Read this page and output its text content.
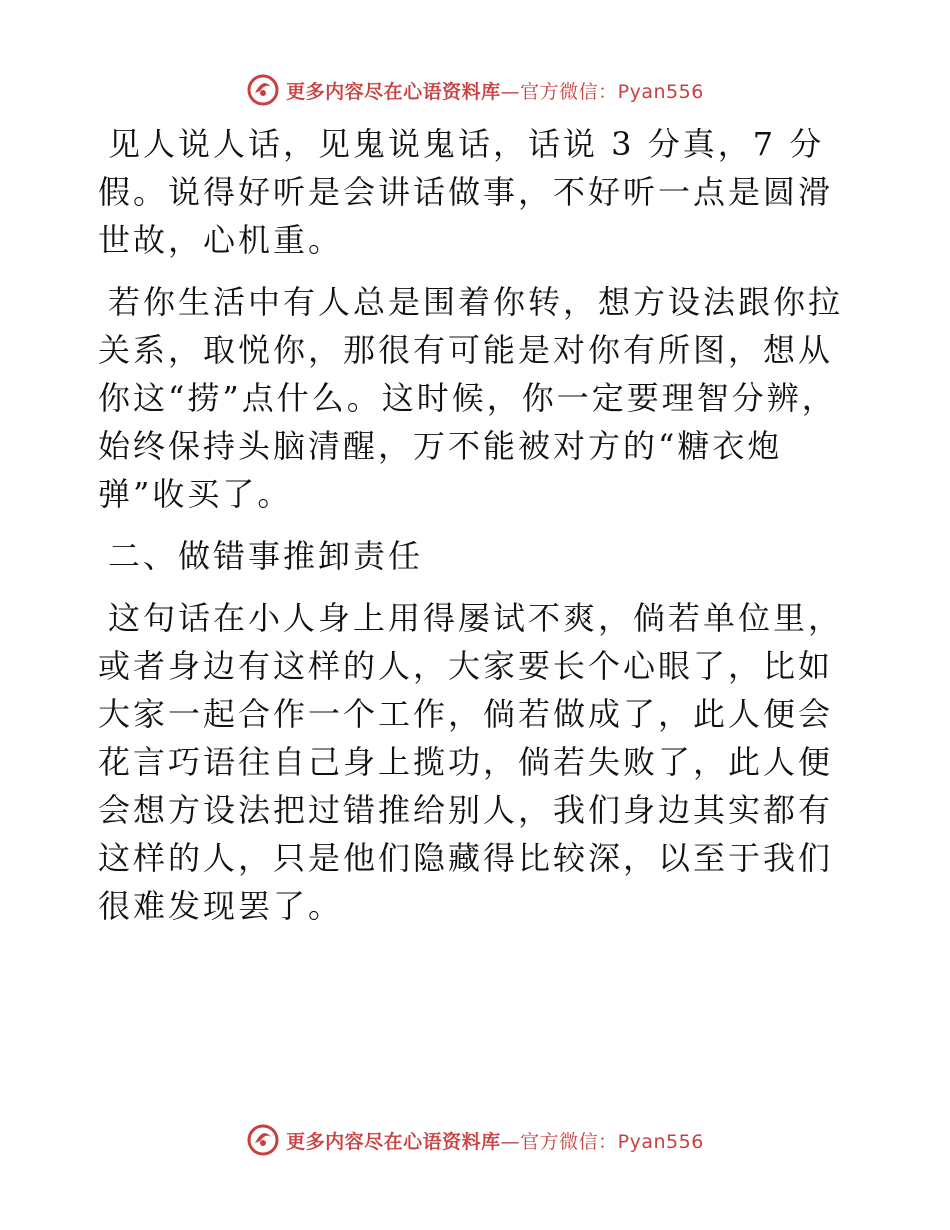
更多内容尽在心语资料库—官方微信：Pyan556

见人说人话，见鬼说鬼话，话说 3 分真，7 分假。说得好听是会讲话做事，不好听一点是圆滑世故，心机重。

若你生活中有人总是围着你转，想方设法跟你拉关系，取悦你，那很有可能是对你有所图，想从你这“捞”点什么。这时候，你一定要理智分辨，始终保持头脑清醒，万不能被对方的“糖衣炮弹”收买了。

二、做错事推卸责任

这句话在小人身上用得屡试不爽，倘若单位里，或者身边有这样的人，大家要长个心眼了，比如大家一起合作一个工作，倘若做成了，此人便会花言巧语往自己身上揽功，倘若失败了，此人便会想方设法把过错推给别人，我们身边其实都有这样的人，只是他们隐藏得比较深，以至于我们很难发现罢了。

更多内容尽在心语资料库—官方微信：Pyan556
